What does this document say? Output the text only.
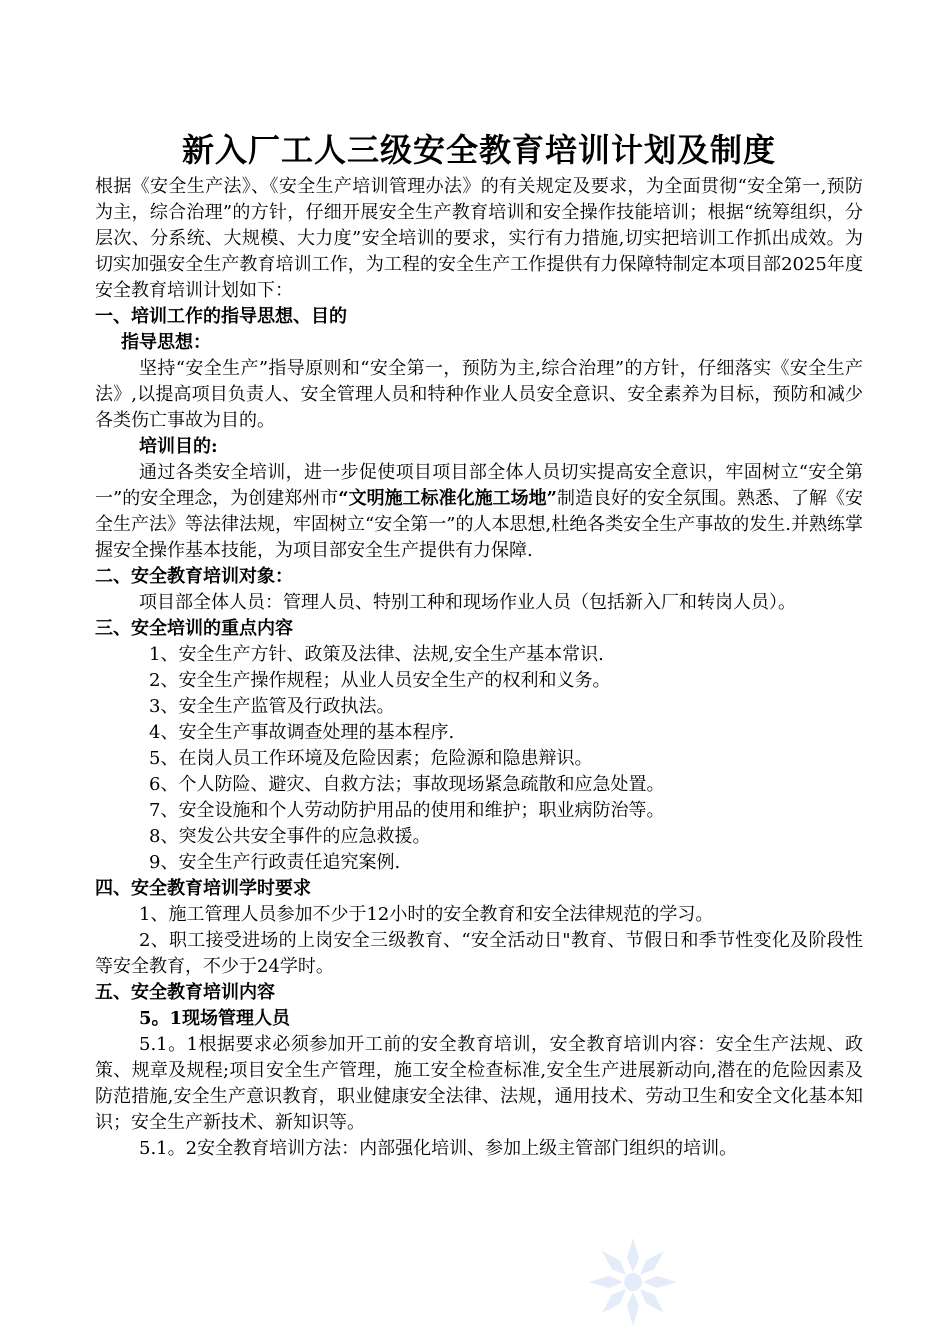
新入厂工人三级安全教育培训计划及制度

根据《安全生产法》、《安全生产培训管理办法》的有关规定及要求，为全面贯彻“安全第一,预防为主，综合治理”的方针，仔细开展安全生产教育培训和安全操作技能培训；根据“统筹组织，分层次、分系统、大规模、大力度”安全培训的要求，实行有力措施,切实把培训工作抓出成效。为切实加强安全生产教育培训工作，为工程的安全生产工作提供有力保障特制定本项目部2025年度安全教育培训计划如下：

一、培训工作的指导思想、目的
指导思想：

坚持“安全生产”指导原则和“安全第一，预防为主,综合治理”的方针，仔细落实《安全生产法》,以提高项目负责人、安全管理人员和特种作业人员安全意识、安全素养为目标，预防和减少各类伤亡事故为目的。

培训目的:

通过各类安全培训，进一步促使项目项目部全体人员切实提高安全意识，牢固树立“安全第一”的安全理念，为创建郑州市“文明施工标准化施工场地”制造良好的安全氛围。熟悉、了解《安全生产法》等法律法规，牢固树立“安全第一”的人本思想,杜绝各类安全生产事故的发生.并熟练掌握安全操作基本技能，为项目部安全生产提供有力保障.

二、安全教育培训对象：

项目部全体人员：管理人员、特别工种和现场作业人员（包括新入厂和转岗人员）。

三、安全培训的重点内容
1、安全生产方针、政策及法律、法规,安全生产基本常识.
2、安全生产操作规程；从业人员安全生产的权利和义务。
3、安全生产监管及行政执法。
4、安全生产事故调查处理的基本程序.
5、在岗人员工作环境及危险因素；危险源和隐患辩识。
6、个人防险、避灾、自救方法；事故现场紧急疏散和应急处置。
7、安全设施和个人劳动防护用品的使用和维护；职业病防治等。
8、突发公共安全事件的应急救援。
9、安全生产行政责任追究案例.
四、安全教育培训学时要求

1、施工管理人员参加不少于12小时的安全教育和安全法律规范的学习。

2、职工接受进场的上岗安全三级教育、“安全活动日"教育、节假日和季节性变化及阶段性等安全教育，不少于24学时。

五、安全教育培训内容
5。1现场管理人员

5.1。1根据要求必须参加开工前的安全教育培训，安全教育培训内容：安全生产法规、政策、规章及规程;项目安全生产管理，施工安全检查标准,安全生产进展新动向,潜在的危险因素及防范措施,安全生产意识教育，职业健康安全法律、法规，通用技术、劳动卫生和安全文化基本知识；安全生产新技术、新知识等。

5.1。2安全教育培训方法：内部强化培训、参加上级主管部门组织的培训。
